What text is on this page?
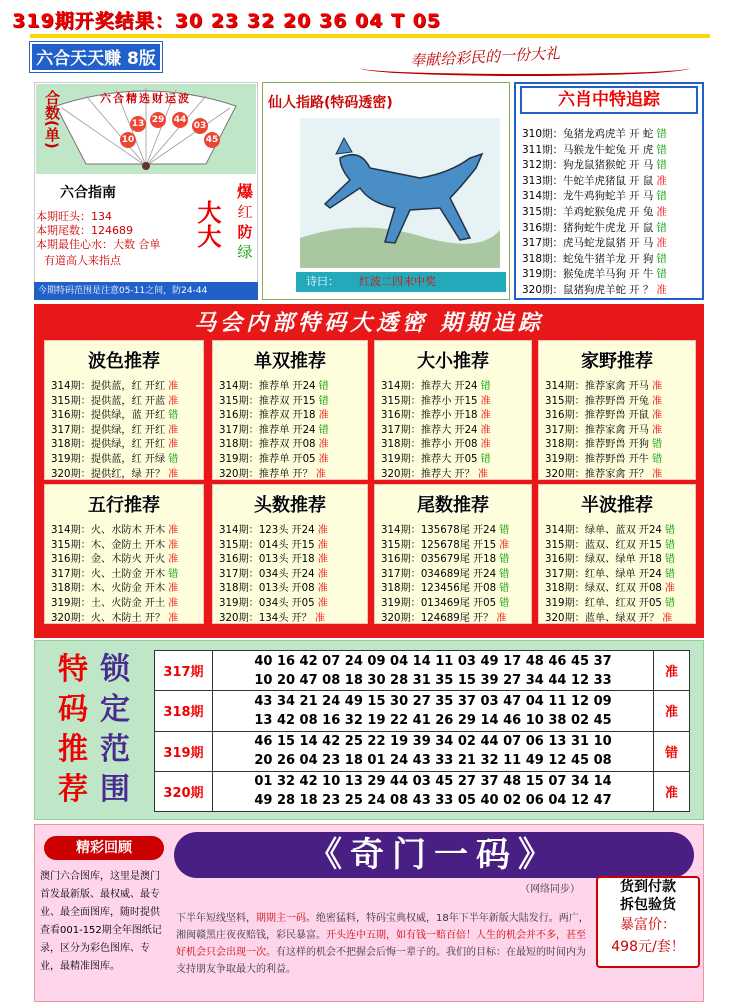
319期开奖结果：30 23 32 20 36 04 T 05
六合天天赚 8版	奉献给彩民的一份大礼
合数(单)	六合精选财运波
13 29 44
03
10	45
六合指南
本期旺头：134
本期尾数：124689
本期最佳心水：大数 合单
有道高人来指点
大大
爆
红
防
绿
今期特码范围是注意05-11之间，防24-44
仙人指路(特码透密)
诗曰： 红波二四末中奖
六肖中特追踪
310期：兔猪龙鸡虎羊 开 蛇 错
311期：马猴龙牛蛇兔 开 虎 错
312期：狗龙鼠猪猴蛇 开 马 错
313期：牛蛇羊虎猪鼠 开 鼠 准
314期：龙牛鸡狗蛇羊 开 马 错
315期：羊鸡蛇猴兔虎 开 兔 准
316期：猪狗蛇牛虎龙 开 鼠 错
317期：虎马蛇龙鼠猪 开 马 准
318期：蛇兔牛猪羊龙 开 狗 错
319期：猴兔虎羊马狗 开 牛 错
320期：鼠猪狗虎羊蛇 开 ？ 准
马会内部特码大透密 期期追踪
波色推荐
314期：提供蓝，红 开红 准
315期：提供蓝，红 开蓝 准
316期：提供绿，蓝 开红 错
317期：提供绿，红 开红 准
318期：提供绿，红 开红 准
319期：提供蓝，红 开绿 错
320期：提供红，绿 开？ 准
单双推荐
314期：推荐单 开24 错
315期：推荐双 开15 错
316期：推荐双 开18 准
317期：推荐单 开24 错
318期：推荐双 开08 准
319期：推荐单 开05 准
320期：推荐单 开？ 准
大小推荐
314期：推荐大 开24 错
315期：推荐小 开15 准
316期：推荐小 开18 准
317期：推荐大 开24 准
318期：推荐小 开08 准
319期：推荐大 开05 错
320期：推荐大 开？ 准
家野推荐
314期：推荐家禽 开马 准
315期：推荐野兽 开兔 准
316期：推荐野兽 开鼠 准
317期：推荐家禽 开马 准
318期：推荐野兽 开狗 错
319期：推荐野兽 开牛 错
320期：推荐家禽 开？ 准
五行推荐
314期：火、水防木 开木 准
315期：木、金防土 开木 准
316期：金、木防火 开火 准
317期：火、土防金 开木 错
318期：木、火防金 开木 准
319期：土、火防金 开土 准
320期：火、木防土 开？ 准
头数推荐
314期：123头 开24 准
315期：014头 开15 准
316期：013头 开18 准
317期：034头 开24 准
318期：013头 开08 准
319期：034头 开05 准
320期：134头 开？ 准
尾数推荐
314期：135678尾 开24 错
315期：125678尾 开15 准
316期：035679尾 开18 错
317期：034689尾 开24 错
318期：123456尾 开08 错
319期：013469尾 开05 错
320期：124689尾 开？ 准
半波推荐
314期：绿单、蓝双 开24 错
315期：蓝双、红双 开15 错
316期：绿双、绿单 开18 错
317期：红单、绿单 开24 错
318期：绿双、红双 开08 准
319期：红单、红双 开05 错
320期：蓝单、绿双 开？ 准
特
码
推
荐
锁
定
范
围
317期	40 16 42 07 24 09 04 14 11 03 49 17 48 46 45 37
10 20 47 08 18 30 28 31 35 15 39 27 34 44 12 33	准
318期	43 34 21 24 49 15 30 27 35 37 03 47 04 11 12 09
13 42 08 16 32 19 22 41 26 29 14 46 10 38 02 45	准
319期	46 15 14 42 25 22 19 39 34 02 44 07 06 13 31 10
20 26 04 23 18 01 24 43 33 21 32 11 49 12 45 08	错
320期	01 32 42 10 13 29 44 03 45 27 37 48 15 07 34 14
49 28 18 23 25 24 08 43 33 05 40 02 06 04 12 47	准
精彩回顾
澳门六合图库，这里是澳门首发最新版、最权威、最专业、最全面图库，随时提供查看001-152期全年图纸记录，区分为彩色图库、专业，最精准图库。
《奇门一码》
（网络同步）
下半年短线坚料，期期主一码。绝密猛料，特码宝典权威，18年下半年新版大陆发行。两广，湘闽赣黑庄夜夜赔钱，彩民暴富。开头连中五期，如有钱一赔百倍！人生的机会并不多，甚至好机会只会出现一次。有这样的机会不把握会后悔一辈子的。我们的目标：在最短的时间内为支持朋友争取最大的利益。
货到付款
拆包验货
暴富价：
498元/套！
